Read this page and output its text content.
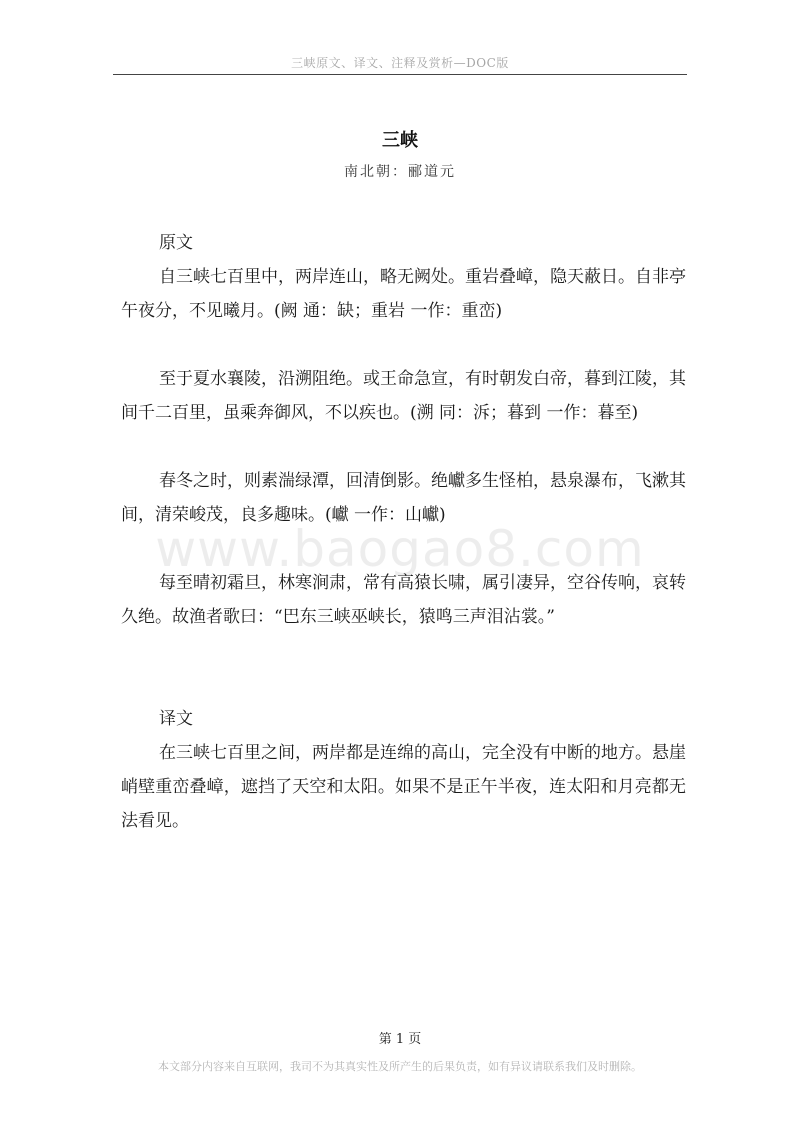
三峡原文、译文、注释及赏析—DOC版
三峡
南北朝：郦道元
www.baogao8.com

原文

自三峡七百里中，两岸连山，略无阙处。重岩叠嶂，隐天蔽日。自非亭午夜分，不见曦月。(阙 通：缺；重岩 一作：重峦)

至于夏水襄陵，沿溯阻绝。或王命急宣，有时朝发白帝，暮到江陵，其间千二百里，虽乘奔御风，不以疾也。(溯 同：泝；暮到 一作：暮至)

春冬之时，则素湍绿潭，回清倒影。绝巘多生怪柏，悬泉瀑布，飞漱其间，清荣峻茂，良多趣味。(巘 一作：山巘)

每至晴初霜旦，林寒涧肃，常有高猿长啸，属引凄异，空谷传响，哀转久绝。故渔者歌曰：“巴东三峡巫峡长，猿鸣三声泪沾裳。”

译文

在三峡七百里之间，两岸都是连绵的高山，完全没有中断的地方。悬崖峭壁重峦叠嶂，遮挡了天空和太阳。如果不是正午半夜，连太阳和月亮都无法看见。

第 1 页
本文部分内容来自互联网，我司不为其真实性及所产生的后果负责，如有异议请联系我们及时删除。
